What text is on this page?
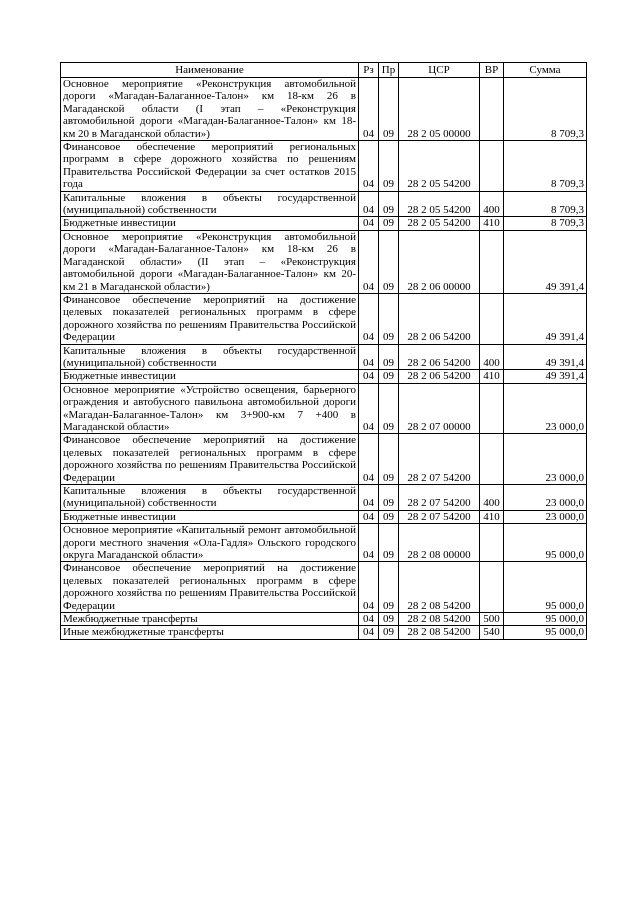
Наименование	Рз	Пр	ЦСР	ВР	Сумма
Основное мероприятие «Реконструкция автомобильной дороги «Магадан-Балаганное-Талон» км 18-км 26 в Магаданской области (I этап – «Реконструкция автомобильной дороги «Магадан-Балаганное-Талон» км 18-км 20 в Магаданской области»)	04	09	28 2 05 00000		8 709,3
Финансовое обеспечение мероприятий региональных программ в сфере дорожного хозяйства по решениям Правительства Российской Федерации за счет остатков 2015 года	04	09	28 2 05 54200		8 709,3
Капитальные вложения в объекты государственной (муниципальной) собственности	04	09	28 2 05 54200	400	8 709,3
Бюджетные инвестиции	04	09	28 2 05 54200	410	8 709,3
Основное мероприятие «Реконструкция автомобильной дороги «Магадан-Балаганное-Талон» км 18-км 26 в Магаданской области» (II этап – «Реконструкция автомобильной дороги «Магадан-Балаганное-Талон» км 20-км 21 в Магаданской области»)	04	09	28 2 06 00000		49 391,4
Финансовое обеспечение мероприятий на достижение целевых показателей региональных программ в сфере дорожного хозяйства по решениям Правительства Российской Федерации	04	09	28 2 06 54200		49 391,4
Капитальные вложения в объекты государственной (муниципальной) собственности	04	09	28 2 06 54200	400	49 391,4
Бюджетные инвестиции	04	09	28 2 06 54200	410	49 391,4
Основное мероприятие «Устройство освещения, барьерного ограждения и автобусного павильона автомобильной дороги «Магадан-Балаганное-Талон» км 3+900-км 7 +400 в Магаданской области»	04	09	28 2 07 00000		23 000,0
Финансовое обеспечение мероприятий на достижение целевых показателей региональных программ в сфере дорожного хозяйства по решениям Правительства Российской Федерации	04	09	28 2 07 54200		23 000,0
Капитальные вложения в объекты государственной (муниципальной) собственности	04	09	28 2 07 54200	400	23 000,0
Бюджетные инвестиции	04	09	28 2 07 54200	410	23 000,0
Основное мероприятие «Капитальный ремонт автомобильной дороги местного значения «Ола-Гадля» Ольского городского округа Магаданской области»	04	09	28 2 08 00000		95 000,0
Финансовое обеспечение мероприятий на достижение целевых показателей региональных программ в сфере дорожного хозяйства по решениям Правительства Российской Федерации	04	09	28 2 08 54200		95 000,0
Межбюджетные трансферты	04	09	28 2 08 54200	500	95 000,0
Иные межбюджетные трансферты	04	09	28 2 08 54200	540	95 000,0
